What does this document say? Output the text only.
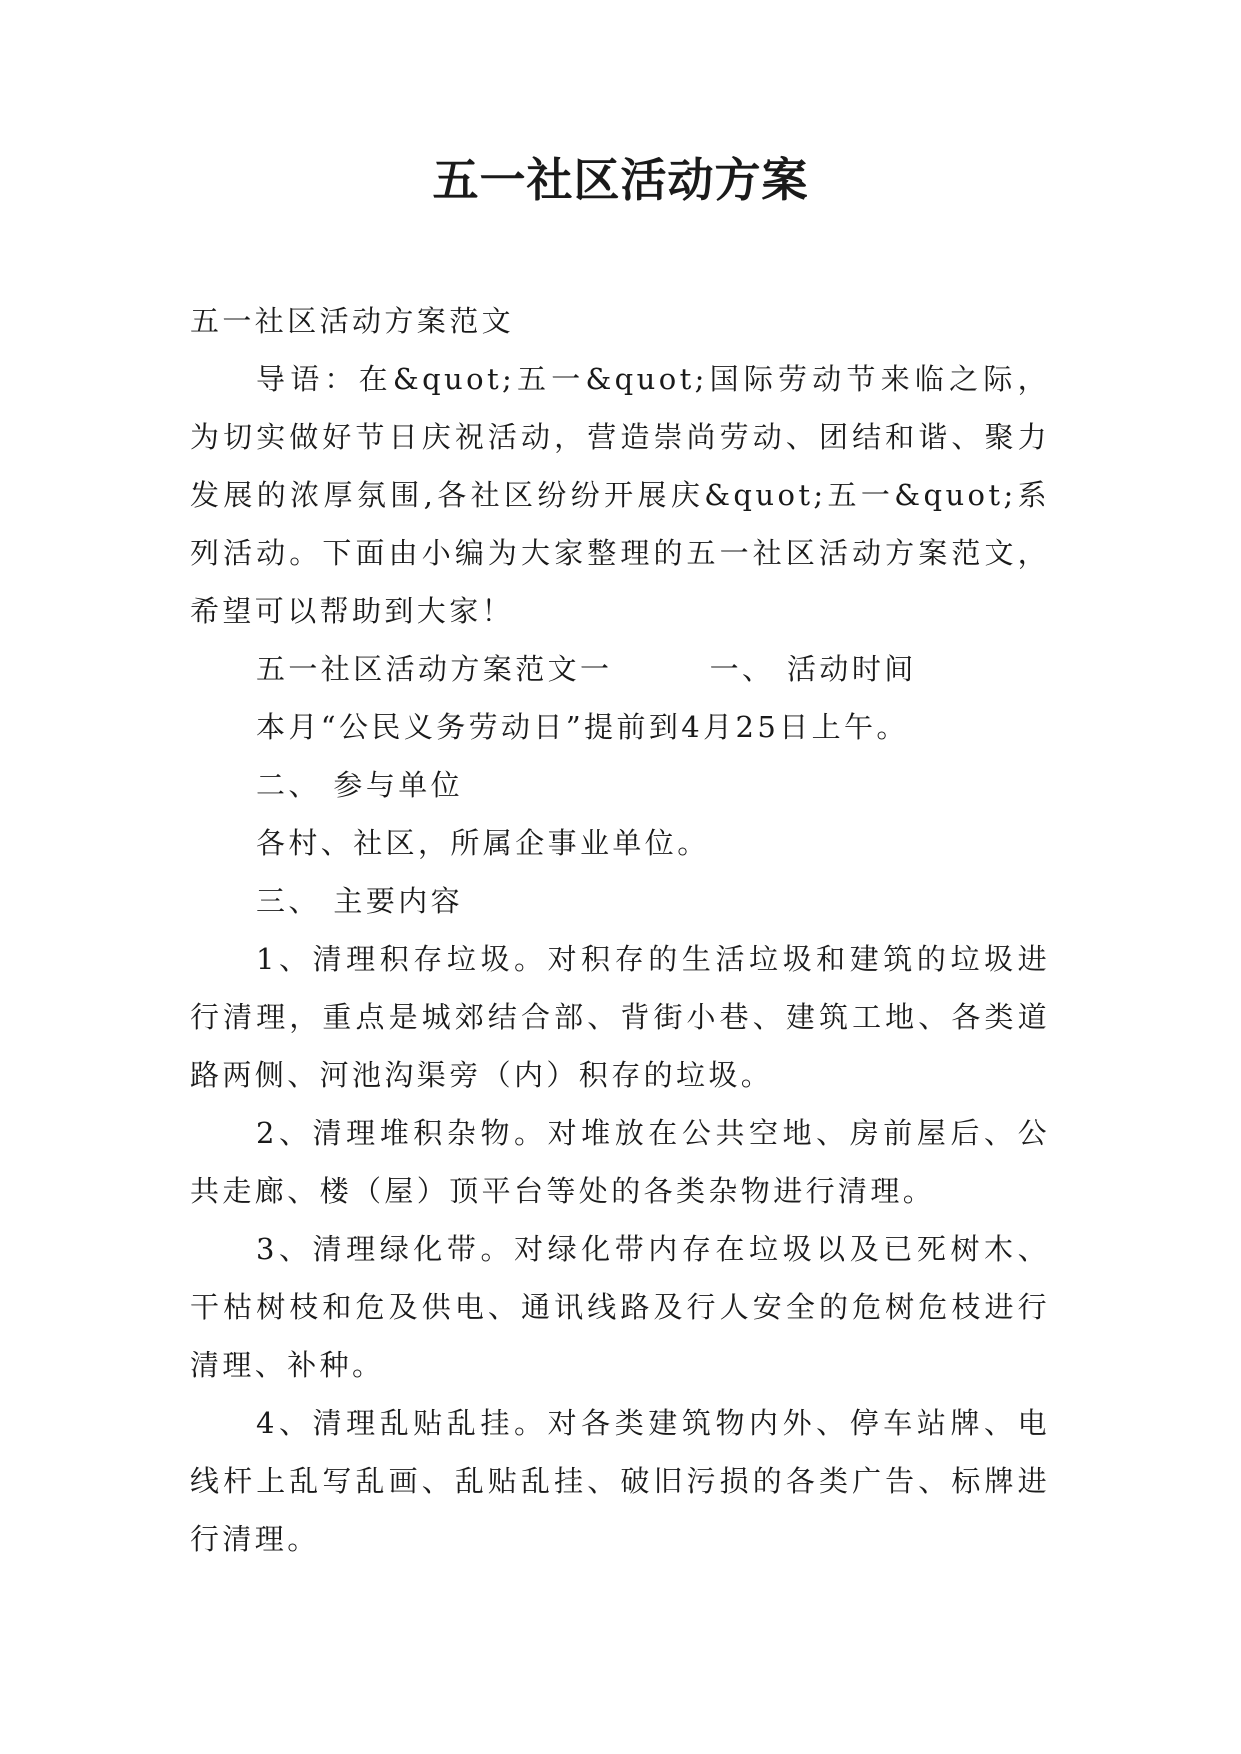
五一社区活动方案

五一社区活动方案范文

导语：在&quot;五一&quot;国际劳动节来临之际，为切实做好节日庆祝活动，营造崇尚劳动、团结和谐、聚力发展的浓厚氛围,各社区纷纷开展庆&quot;五一&quot;系列活动。下面由小编为大家整理的五一社区活动方案范文，希望可以帮助到大家！

五一社区活动方案范文一　　　一、 活动时间

本月“公民义务劳动日”提前到4月25日上午。

二、 参与单位

各村、社区，所属企事业单位。

三、 主要内容

1、清理积存垃圾。对积存的生活垃圾和建筑的垃圾进行清理，重点是城郊结合部、背街小巷、建筑工地、各类道路两侧、河池沟渠旁（内）积存的垃圾。

2、清理堆积杂物。对堆放在公共空地、房前屋后、公共走廊、楼（屋）顶平台等处的各类杂物进行清理。

3、清理绿化带。对绿化带内存在垃圾以及已死树木、干枯树枝和危及供电、通讯线路及行人安全的危树危枝进行清理、补种。

4、清理乱贴乱挂。对各类建筑物内外、停车站牌、电线杆上乱写乱画、乱贴乱挂、破旧污损的各类广告、标牌进行清理。
